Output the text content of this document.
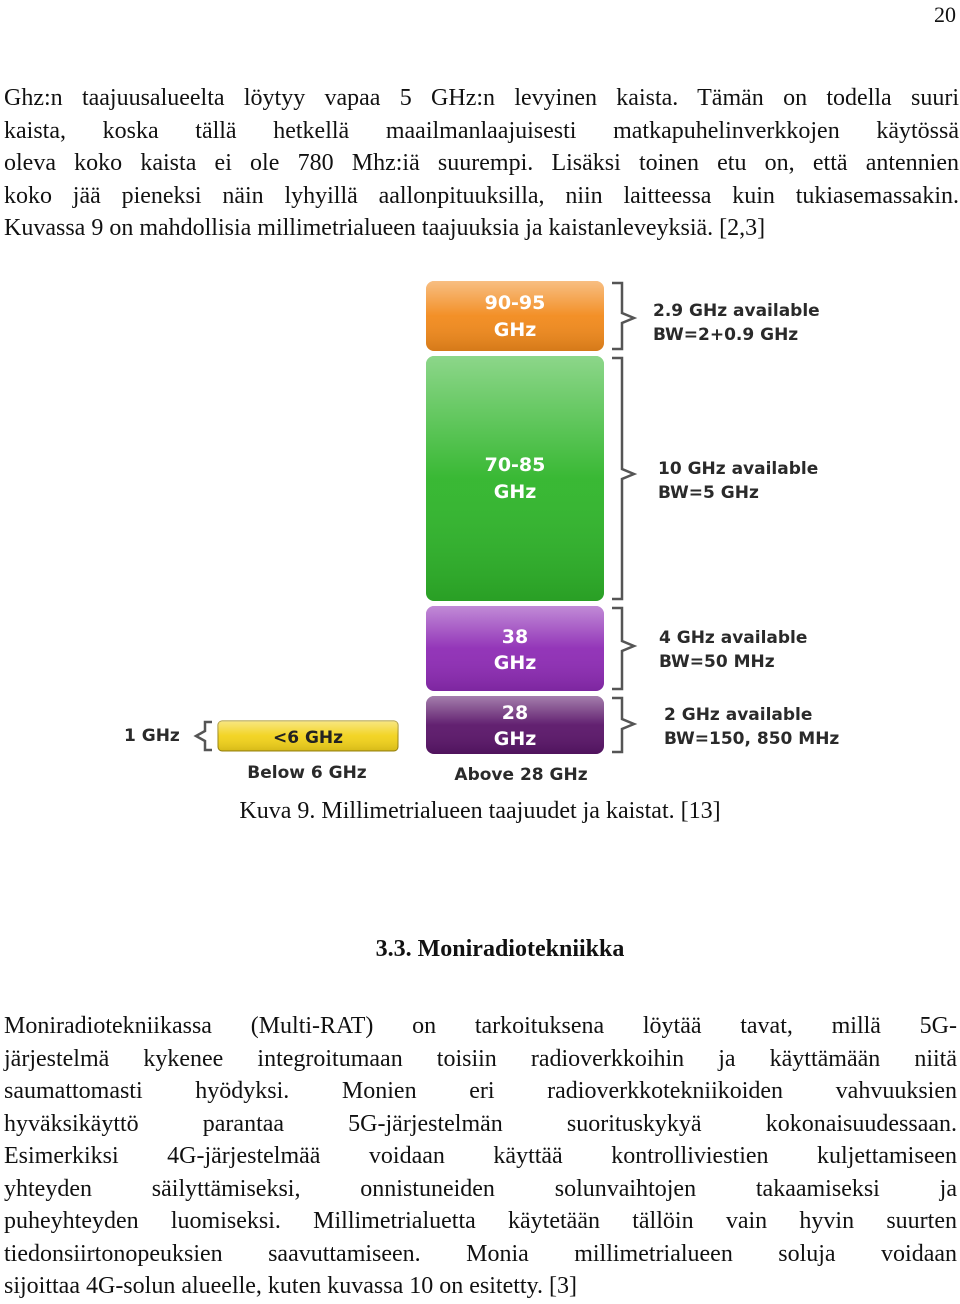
20
Ghz:n taajuusalueelta löytyy vapaa 5 GHz:n levyinen kaista. Tämän on todella suuri
kaista, koska tällä hetkellä maailmanlaajuisesti matkapuhelinverkkojen käytössä
oleva koko kaista ei ole 780 Mhz:iä suurempi. Lisäksi toinen etu on, että antennien
koko jää pieneksi näin lyhyillä aallonpituuksilla, niin laitteessa kuin tukiasemassakin.
Kuvassa 9 on mahdollisia millimetrialueen taajuuksia ja kaistanleveyksiä. [2,3]
90-95
GHz
70-85
GHz
38
GHz
28
GHz
2.9 GHz available
BW=2+0.9 GHz
10 GHz available
BW=5 GHz
4 GHz available
BW=50 MHz
2 GHz available
BW=150, 850 MHz
<6 GHz
1 GHz
Below 6 GHz	Above 28 GHz
Kuva 9. Millimetrialueen taajuudet ja kaistat. [13]
3.3. Moniradiotekniikka
Moniradiotekniikassa (Multi-RAT) on tarkoituksena löytää tavat, millä 5G-
järjestelmä kykenee integroitumaan toisiin radioverkkoihin ja käyttämään niitä
saumattomasti hyödyksi. Monien eri radioverkkotekniikoiden vahvuuksien
hyväksikäyttö parantaa 5G-järjestelmän suorituskykyä kokonaisuudessaan.
Esimerkiksi 4G-järjestelmää voidaan käyttää kontrolliviestien kuljettamiseen
yhteyden säilyttämiseksi, onnistuneiden solunvaihtojen takaamiseksi ja
puheyhteyden luomiseksi. Millimetrialuetta käytetään tällöin vain hyvin suurten
tiedonsiirtonopeuksien saavuttamiseen. Monia millimetrialueen soluja voidaan
sijoittaa 4G-solun alueelle, kuten kuvassa 10 on esitetty. [3]
